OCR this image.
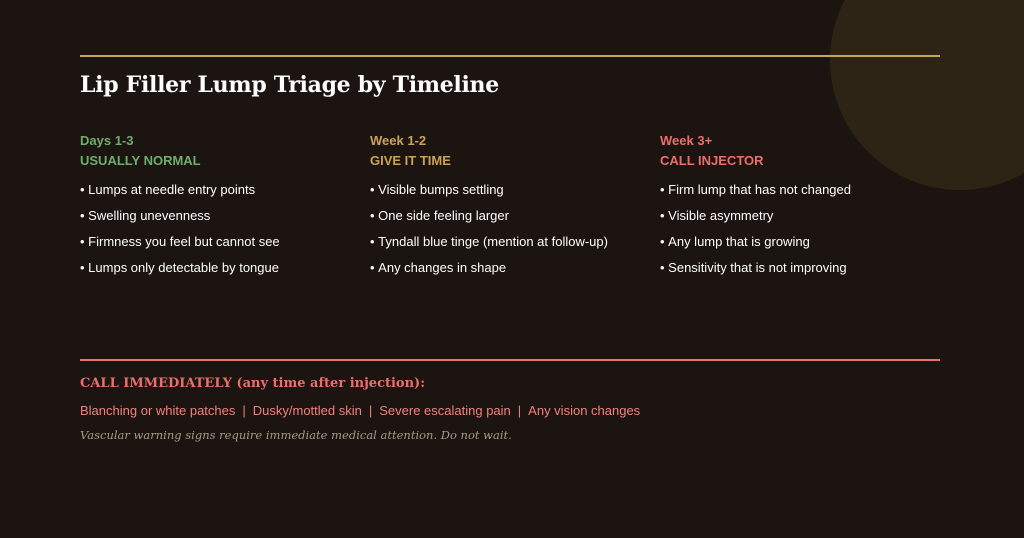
Lip Filler Lump Triage by Timeline
Days 1-3
USUALLY NORMAL
• Lumps at needle entry points
• Swelling unevenness
• Firmness you feel but cannot see
• Lumps only detectable by tongue
Week 1-2
GIVE IT TIME
• Visible bumps settling
• One side feeling larger
• Tyndall blue tinge (mention at follow-up)
• Any changes in shape
Week 3+
CALL INJECTOR
• Firm lump that has not changed
• Visible asymmetry
• Any lump that is growing
• Sensitivity that is not improving
CALL IMMEDIATELY (any time after injection):
Blanching or white patches | Dusky/mottled skin | Severe escalating pain | Any vision changes
Vascular warning signs require immediate medical attention. Do not wait.
